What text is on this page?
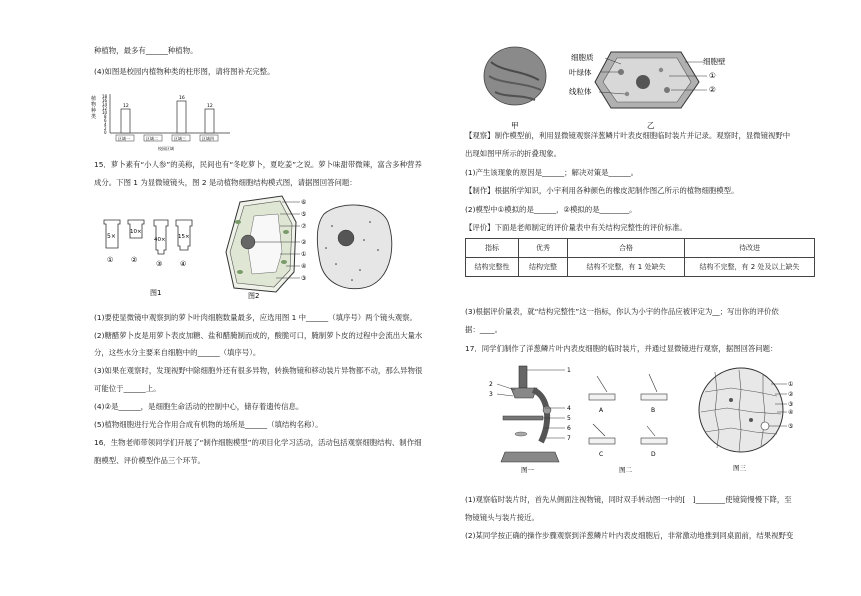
种植物，最多有______种植物。
(4)如图是校园内植物种类的柱形图，请将图补充完整。
植物种类
0
2
4
6
8
10
12
14
16
18
12
16
12
区域一	区域二	区域三	区域四
校园区域
15．萝卜素有“小人参”的美称，民间也有“冬吃萝卜，夏吃姜”之说。萝卜味甜带微辣，富含多种营养
成分。下图 1 为显微镜镜头，图 2 是动植物细胞结构模式图，请据图回答问题：
5×
①
10×
②
40×
③
15×
④
图1
⑥
⑤
⑦
②
①
④
③
图2
(1)要使显微镜中观察到的萝卜叶肉细胞数量最多，应选用图 1 中______（填序号）两个镜头观察。
(2)糖醋萝卜皮是用萝卜表皮加糖、盐和醋腌制而成的，酸脆可口，腌制萝卜皮的过程中会流出大量水
分，这些水分主要来自细胞中的______（填序号）。
(3)如果在观察时，发现视野中除细胞外还有很多异物，转换物镜和移动装片异物都不动，那么异物很
可能位于______上。
(4)②是______，是细胞生命活动的控制中心，储存着遗传信息。
(5)植物细胞进行光合作用合成有机物的场所是______（填结构名称）。
16．生物老师带领同学们开展了“制作细胞模型”的项目化学习活动，活动包括观察细胞结构、制作细
胞模型、评价模型作品三个环节。
甲
细胞质
叶绿体
线粒体
细胞壁
①
②
乙
【观察】制作模型前，利用显微镜观察洋葱鳞片叶表皮细胞临时装片并记录。观察时，显微镜视野中
出现如图甲所示的折叠现象。
(1)产生该现象的原因是______；解决对策是______。
【制作】根据所学知识，小宇利用各种颜色的橡皮泥制作图乙所示的植物细胞模型。
(2)模型中①模拟的是______，②模拟的是________。
【评价】下面是老师制定的评价量表中有关结构完整性的评价标准。
指标	优秀	合格	待改进
结构完整性	结构完整	结构不完整，有 1 处缺失	结构不完整，有 2 处及以上缺失
(3)根据评价量表，就“结构完整性”这一指标，你认为小宇的作品应被评定为__；写出你的评价依
据：____。
17．同学们制作了洋葱鳞片叶内表皮细胞的临时装片，并通过显微镜进行观察，据图回答问题：
1
2
3
4
5
6
7
图一
A	B
C	D
图二
①
②
③
④
⑤
图三
(1)观察临时装片时，首先从侧面注视物镜，同时双手转动图一中的[　]________使镜筒慢慢下降，至
物镜镜头与装片接近。
(2)某同学按正确的操作步骤观察到洋葱鳞片叶内表皮细胞后，非常激动地推到同桌面前，结果视野变
